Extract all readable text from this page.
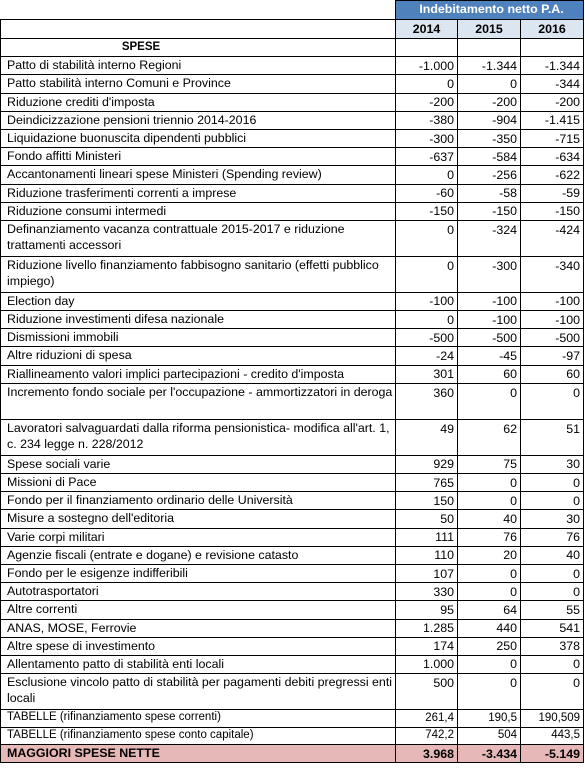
	Indebitamento netto P.A.		
	2014	2015	2016
SPESE			
Patto di stabilità interno Regioni	-1.000	-1.344	-1.344
Patto stabilità interno Comuni e Province	0	0	-344
Riduzione crediti d'imposta	-200	-200	-200
Deindicizzazione pensioni triennio 2014-2016	-380	-904	-1.415
Liquidazione buonuscita dipendenti pubblici	-300	-350	-715
Fondo affitti Ministeri	-637	-584	-634
Accantonamenti lineari spese Ministeri (Spending review)	0	-256	-622
Riduzione trasferimenti correnti a imprese	-60	-58	-59
Riduzione consumi intermedi	-150	-150	-150
Definanziamento vacanza contrattuale 2015-2017 e riduzione trattamenti accessori	0	-324	-424
Riduzione livello finanziamento fabbisogno sanitario (effetti pubblico impiego)	0	-300	-340
Election day	-100	-100	-100
Riduzione investimenti difesa nazionale	0	-100	-100
Dismissioni immobili	-500	-500	-500
Altre riduzioni di spesa	-24	-45	-97
Riallineamento valori implici partecipazioni - credito d'imposta	301	60	60
Incremento fondo sociale per l'occupazione - ammortizzatori in deroga	360	0	0
Lavoratori salvaguardati dalla riforma pensionistica- modifica all'art. 1, c. 234 legge n. 228/2012	49	62	51
Spese sociali varie	929	75	30
Missioni di Pace	765	0	0
Fondo per il finanziamento ordinario delle Università	150	0	0
Misure a sostegno dell'editoria	50	40	30
Varie corpi militari	111	76	76
Agenzie fiscali (entrate e dogane) e revisione catasto	110	20	40
Fondo per le esigenze indifferibili	107	0	0
Autotrasportatori	330	0	0
Altre correnti	95	64	55
ANAS, MOSE, Ferrovie	1.285	440	541
Altre spese di investimento	174	250	378
Allentamento patto di stabilità enti locali	1.000	0	0
Esclusione vincolo patto di stabilità per pagamenti debiti pregressi enti locali	500	0	0
TABELLE (rifinanziamento spese correnti)	261,4	190,5	190,509
TABELLE (rifinanziamento spese conto capitale)	742,2	504	443,5
MAGGIORI SPESE NETTE	3.968	-3.434	-5.149
